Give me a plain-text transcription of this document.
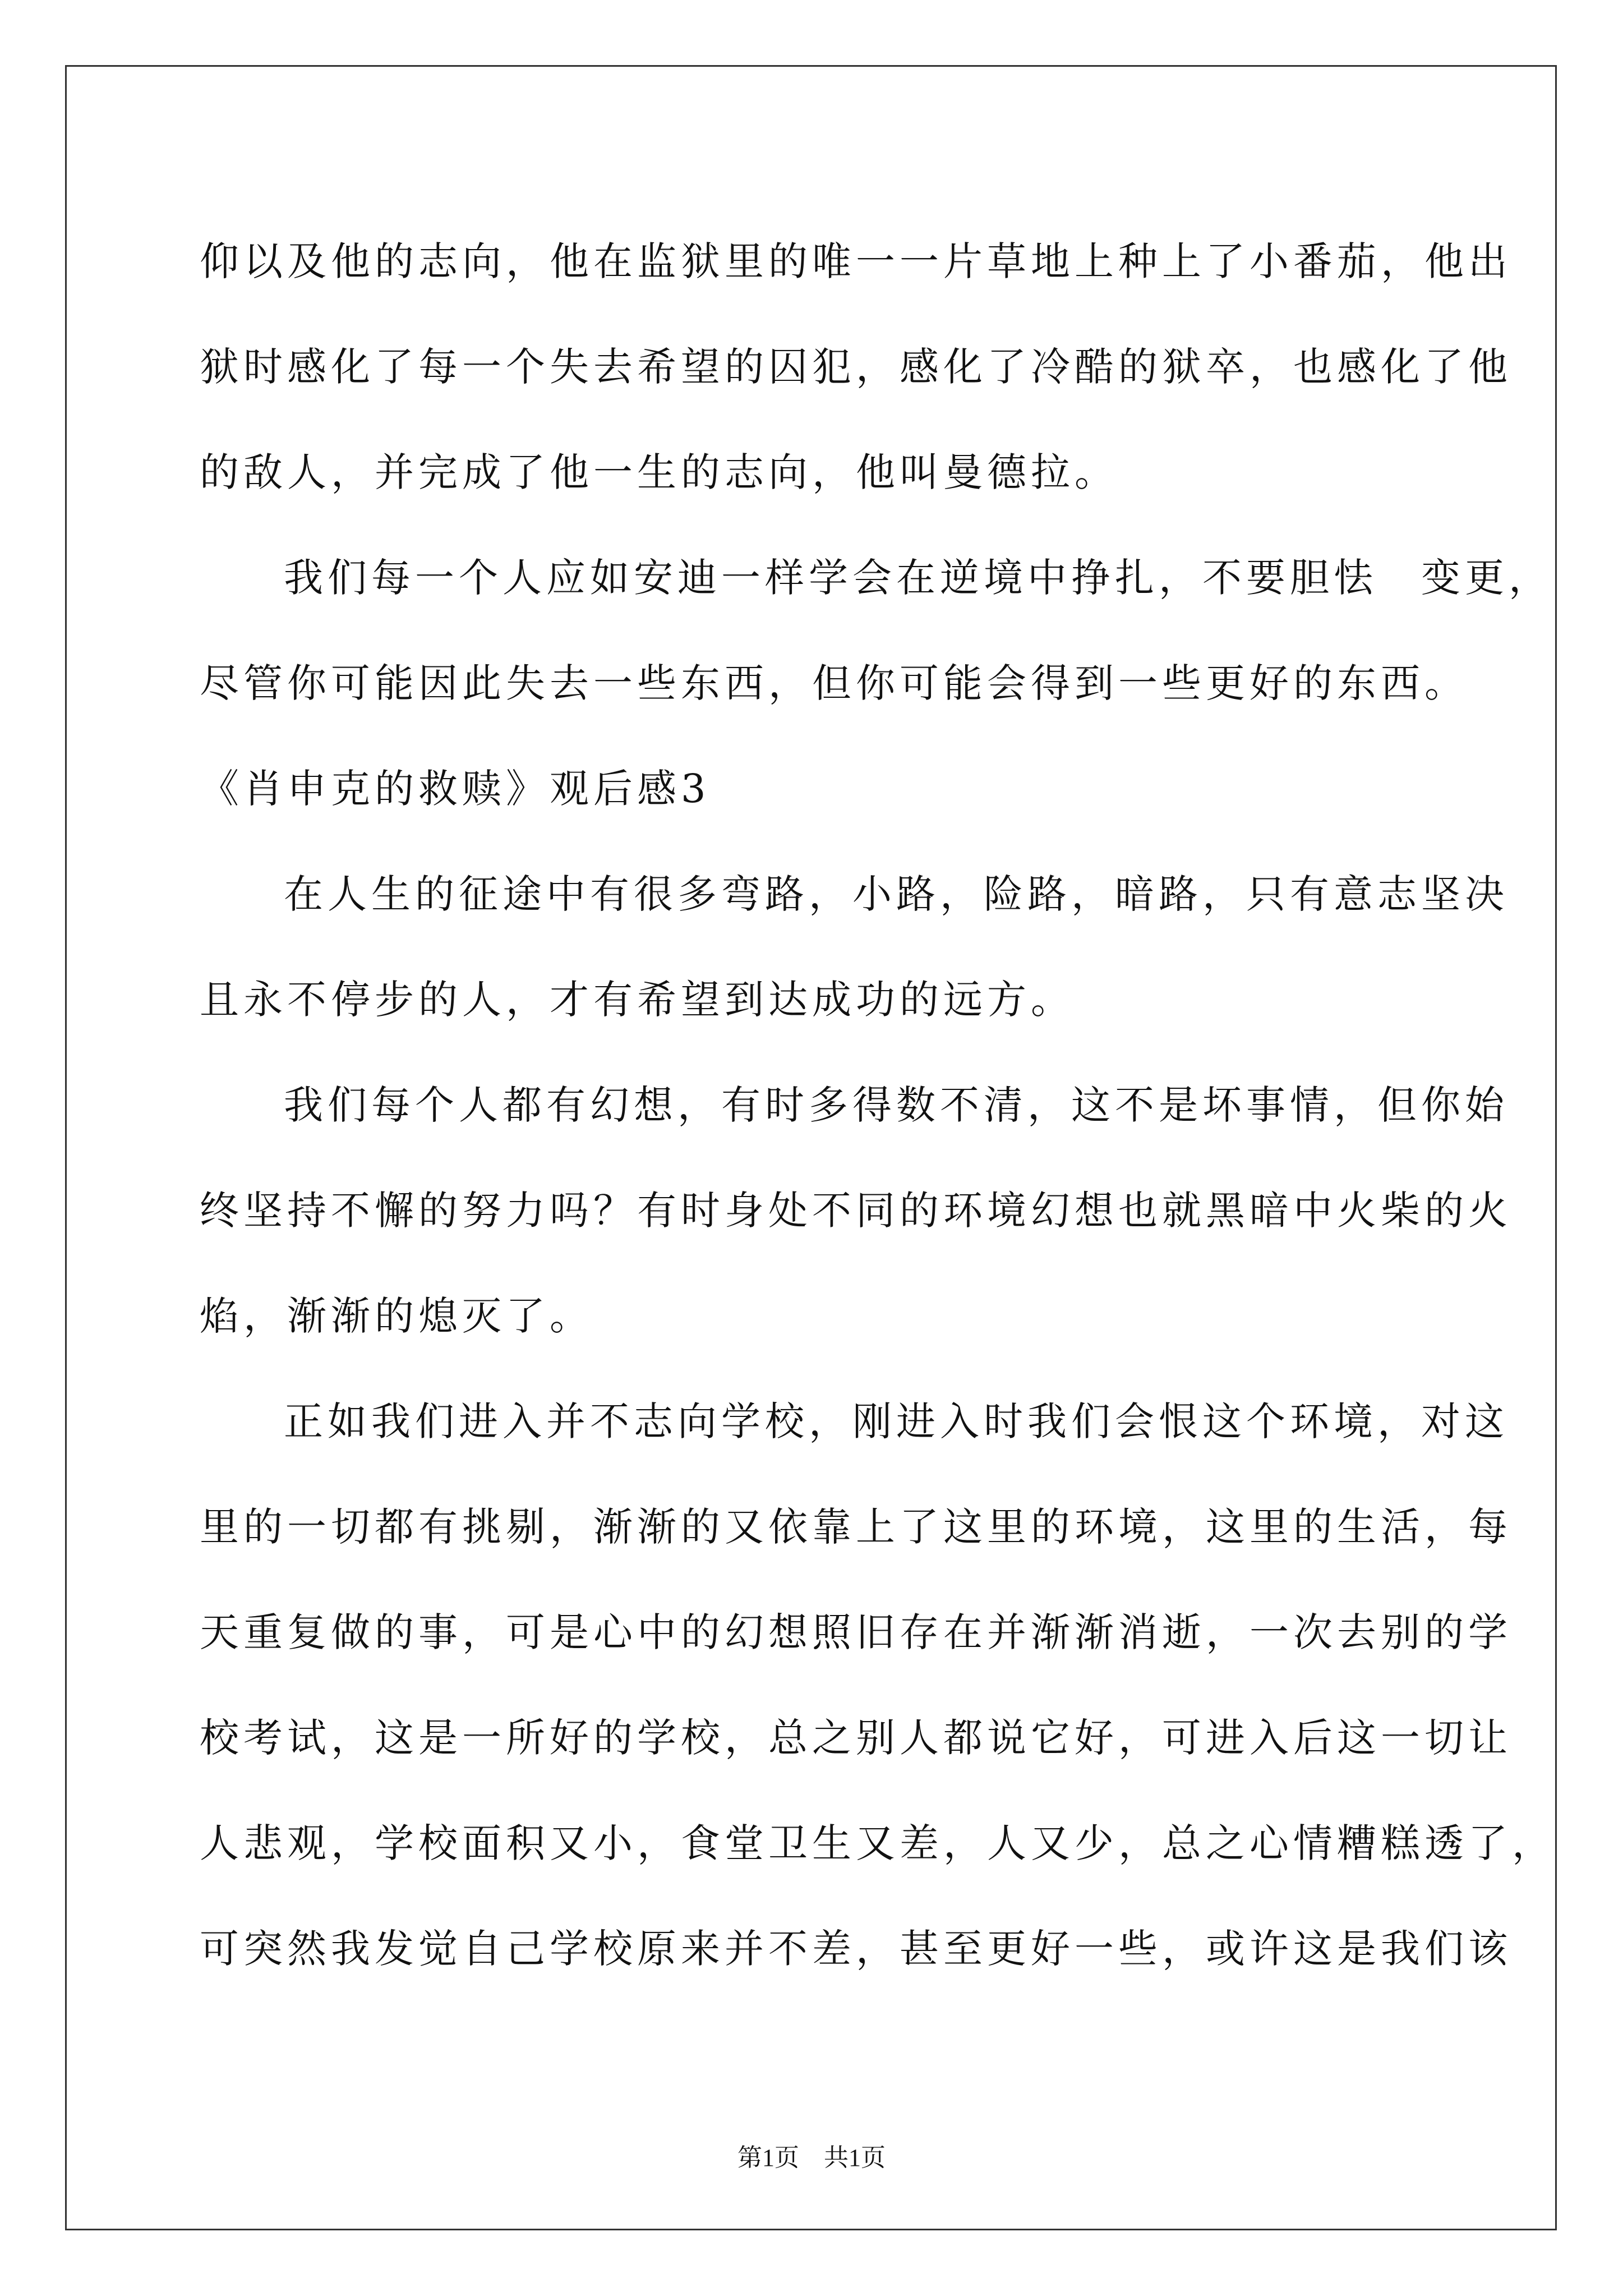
仰以及他的志向，他在监狱里的唯一一片草地上种上了小番茄，他出
狱时感化了每一个失去希望的囚犯，感化了冷酷的狱卒，也感化了他
的敌人，并完成了他一生的志向，他叫曼德拉。
我们每一个人应如安迪一样学会在逆境中挣扎，不要胆怯　变更，
尽管你可能因此失去一些东西，但你可能会得到一些更好的东西。
《肖申克的救赎》观后感3
在人生的征途中有很多弯路，小路，险路，暗路，只有意志坚决
且永不停步的人，才有希望到达成功的远方。
我们每个人都有幻想，有时多得数不清，这不是坏事情，但你始
终坚持不懈的努力吗？有时身处不同的环境幻想也就黑暗中火柴的火
焰，渐渐的熄灭了。
正如我们进入并不志向学校，刚进入时我们会恨这个环境，对这
里的一切都有挑剔，渐渐的又依靠上了这里的环境，这里的生活，每
天重复做的事，可是心中的幻想照旧存在并渐渐消逝，一次去别的学
校考试，这是一所好的学校，总之别人都说它好，可进入后这一切让
人悲观，学校面积又小，食堂卫生又差，人又少，总之心情糟糕透了，
可突然我发觉自己学校原来并不差，甚至更好一些，或许这是我们该
第1页　共1页
